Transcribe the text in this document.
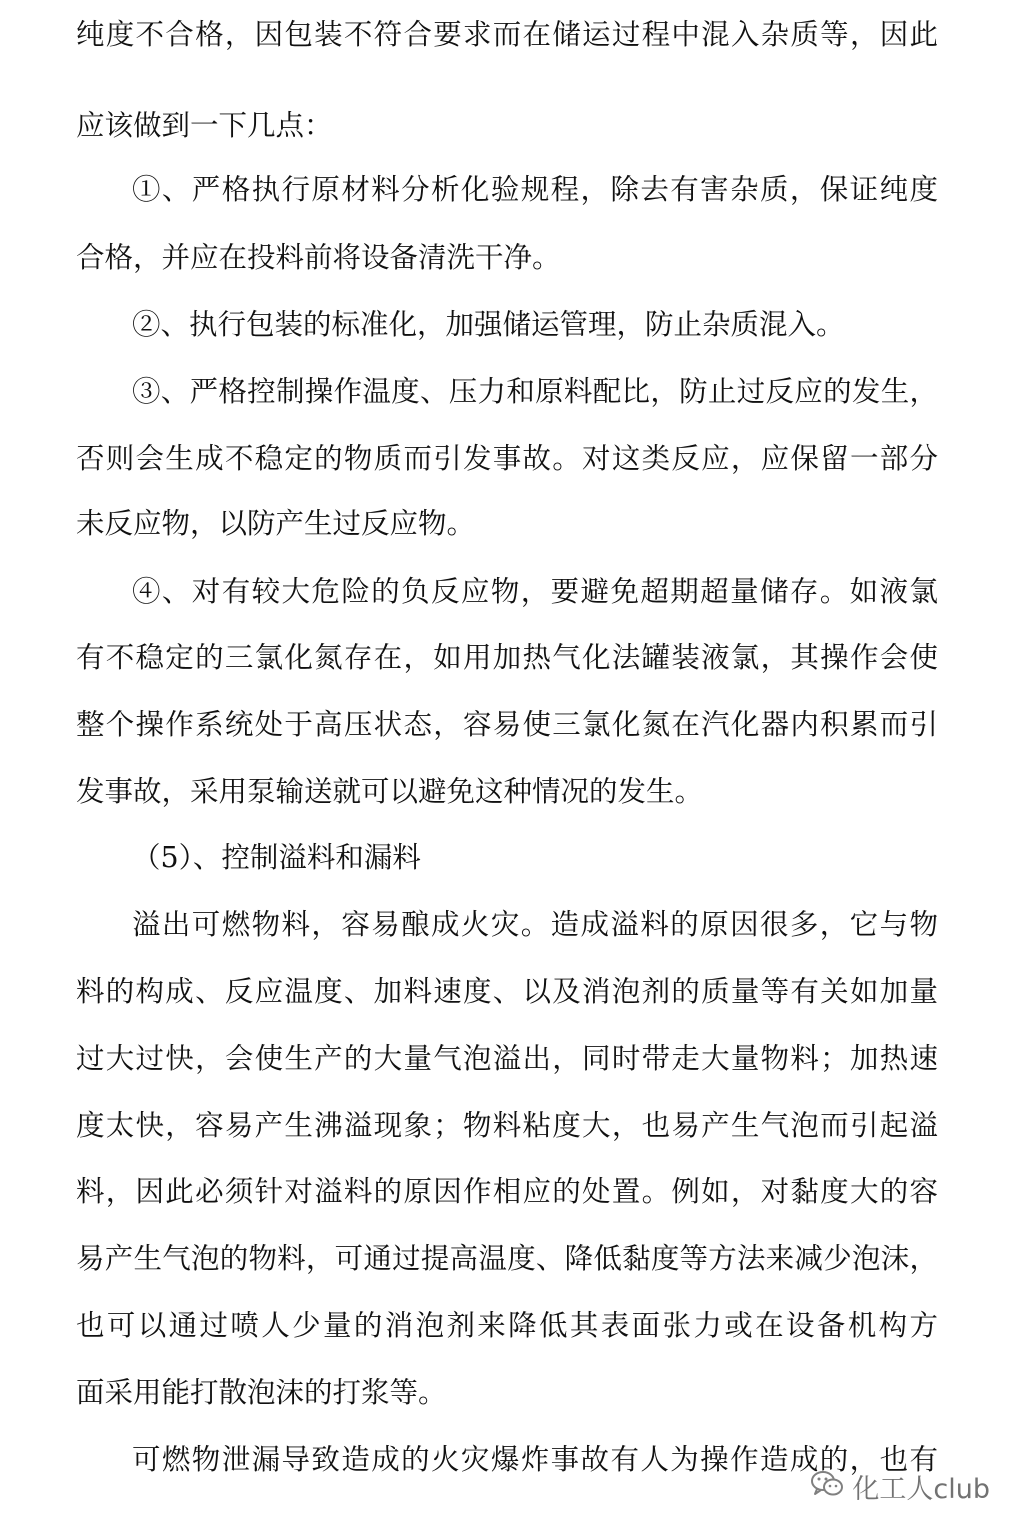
纯度不合格，因包装不符合要求而在储运过程中混入杂质等，因此
应该做到一下几点：
①、严格执行原材料分析化验规程，除去有害杂质，保证纯度
合格，并应在投料前将设备清洗干净。
②、执行包装的标准化，加强储运管理，防止杂质混入。
③、严格控制操作温度、压力和原料配比，防止过反应的发生，
否则会生成不稳定的物质而引发事故。对这类反应，应保留一部分
未反应物，以防产生过反应物。
④、对有较大危险的负反应物，要避免超期超量储存。如液氯
有不稳定的三氯化氮存在，如用加热气化法罐装液氯，其操作会使
整个操作系统处于高压状态，容易使三氯化氮在汽化器内积累而引
发事故，采用泵输送就可以避免这种情况的发生。
（5）、控制溢料和漏料
溢出可燃物料，容易酿成火灾。造成溢料的原因很多，它与物
料的构成、反应温度、加料速度、以及消泡剂的质量等有关如加量
过大过快，会使生产的大量气泡溢出，同时带走大量物料；加热速
度太快，容易产生沸溢现象；物料粘度大，也易产生气泡而引起溢
料，因此必须针对溢料的原因作相应的处置。例如，对黏度大的容
易产生气泡的物料，可通过提高温度、降低黏度等方法来减少泡沫，
也可以通过喷人少量的消泡剂来降低其表面张力或在设备机构方
面采用能打散泡沫的打浆等。
可燃物泄漏导致造成的火灾爆炸事故有人为操作造成的，也有
化工人club
